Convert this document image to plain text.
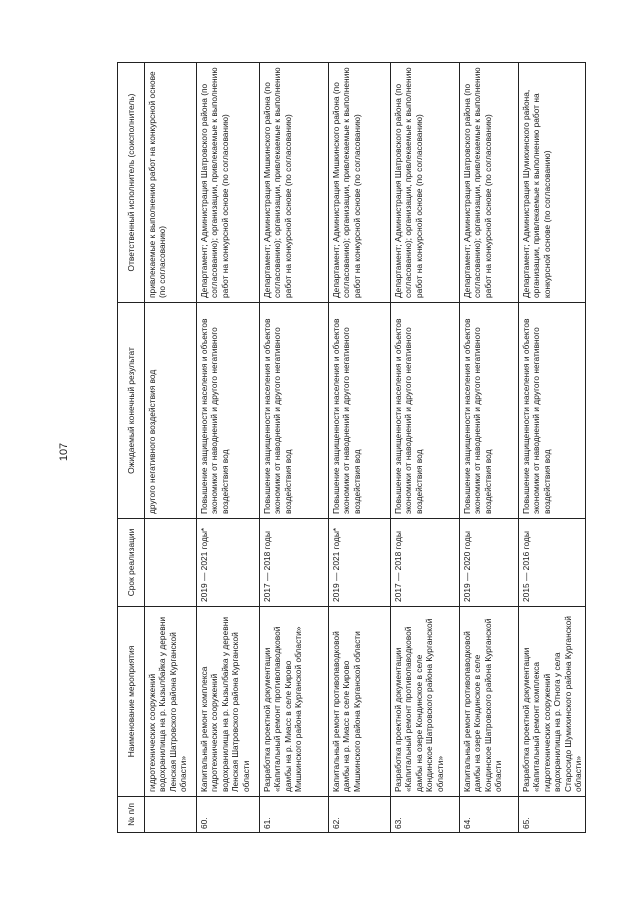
107
№ п/п	Наименование мероприятия	Срок реализации	Ожидаемый конечный результат	Ответственный исполнитель (соисполнитель)
	гидротехнических сооружений водохранилища на р. Кызылбайка у деревни Ленская Шатровского района Курганской области»		другого негативного воздействия вод	привлекаемые к выполнению работ на конкурсной основе (по согласованию)
60.	Капитальный ремонт комплекса гидротехнических сооружений водохранилища на р. Кызылбайка у деревни Ленская Шатровского района Курганской области	2019 — 2021 годы*	Повышение защищенности населения и объектов экономики от наводнений и другого негативного воздействия вод	Департамент; Администрация Шатровского района (по согласованию); организации, привлекаемые к выполнению работ на конкурсной основе (по согласованию)
61.	Разработка проектной документации «Капитальный ремонт противопаводковой дамбы на р. Миасс в селе Кирово Мишкинского района Курганской области»	2017 — 2018 годы	Повышение защищенности населения и объектов экономики от наводнений и другого негативного воздействия вод	Департамент; Администрация Мишкинского района (по согласованию); организации, привлекаемые к выполнению работ на конкурсной основе (по согласованию)
62.	Капитальный ремонт противопаводковой дамбы на р. Миасс в селе Кирово Мишкинского района Курганской области	2019 — 2021 годы*	Повышение защищенности населения и объектов экономики от наводнений и другого негативного воздействия вод	Департамент; Администрация Мишкинского района (по согласованию); организации, привлекаемые к выполнению работ на конкурсной основе (по согласованию)
63.	Разработка проектной документации «Капитальный ремонт противопаводковой дамбы на озере Кондинское в селе Кондинское Шатровского района Курганской области»	2017 — 2018 годы	Повышение защищенности населения и объектов экономики от наводнений и другого негативного воздействия вод	Департамент; Администрация Шатровского района (по согласованию); организации, привлекаемые к выполнению работ на конкурсной основе (по согласованию)
64.	Капитальный ремонт противопаводковой дамбы на озере Кондинское в селе Кондинское Шатровского района Курганской области	2019 — 2020 годы	Повышение защищенности населения и объектов экономики от наводнений и другого негативного воздействия вод	Департамент; Администрация Шатровского района (по согласованию); организации, привлекаемые к выполнению работ на конкурсной основе (по согласованию)
65.	Разработка проектной документации «Капитальный ремонт комплекса гидротехнических сооружений водохранилища на р. Отнога у села Старосидо Шумихинского района Курганской области»	2015 — 2016 годы	Повышение защищенности населения и объектов экономики от наводнений и другого негативного воздействия вод	Департамент; Администрация Шумихинского района, организации, привлекаемые к выполнению работ на конкурсной основе (по согласованию)
